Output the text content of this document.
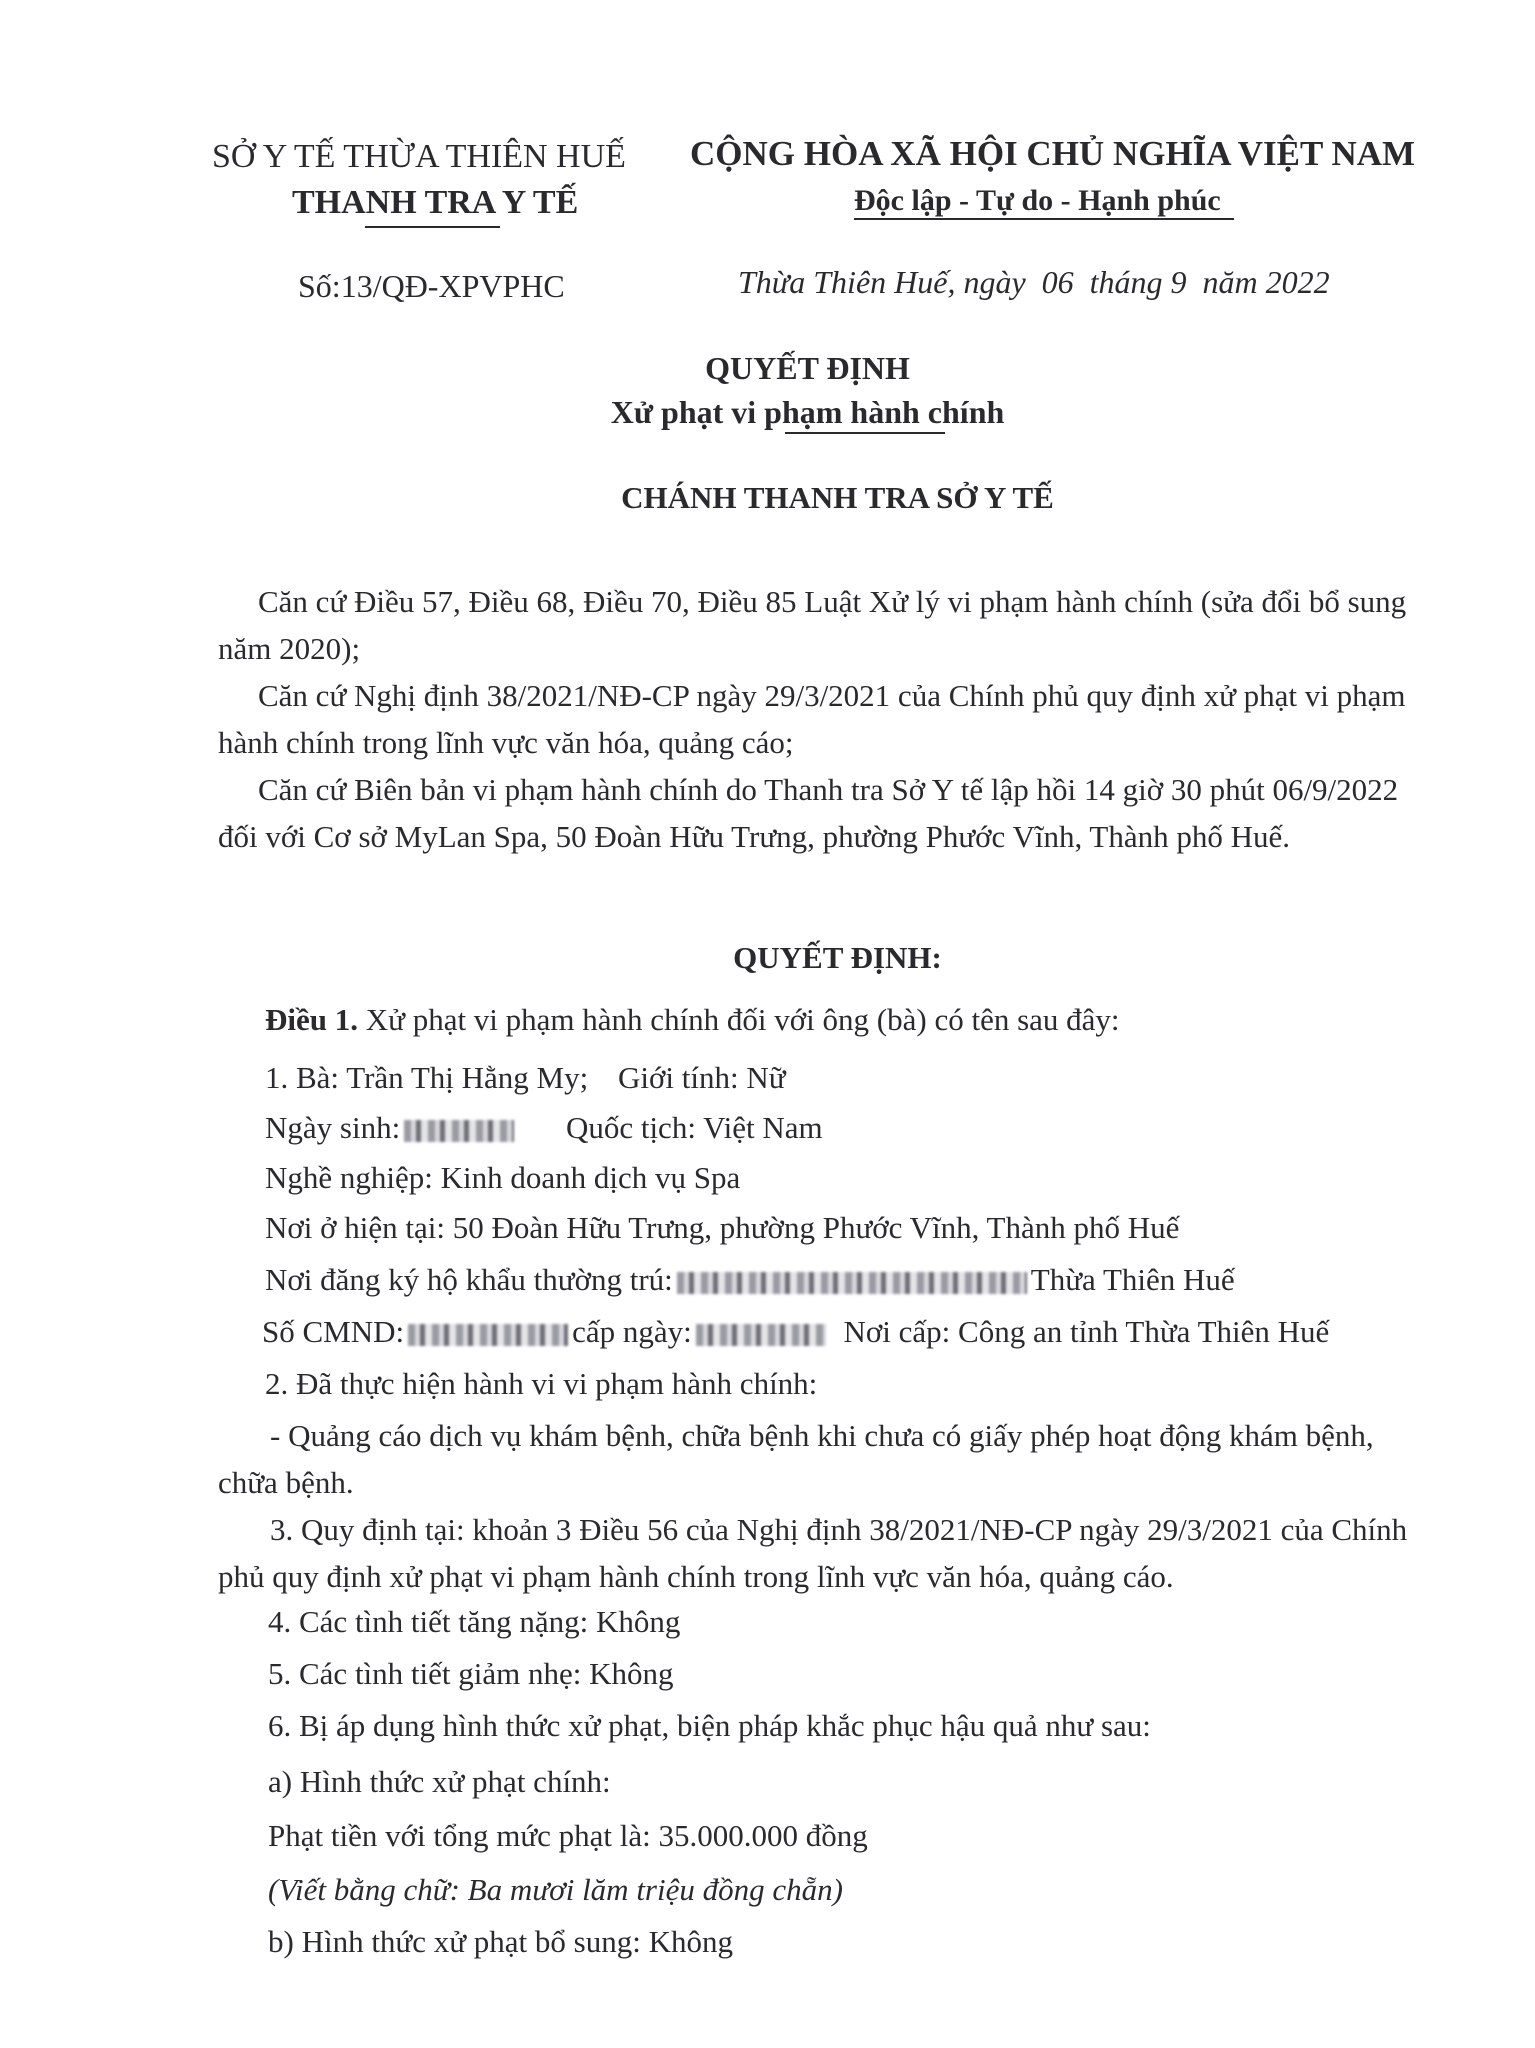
SỞ Y TẾ THỪA THIÊN HUẾ
THANH TRA Y TẾ
Số:13/QĐ-XPVPHC
CỘNG HÒA XÃ HỘI CHỦ NGHĨA VIỆT NAM
Độc lập - Tự do - Hạnh phúc
Thừa Thiên Huế, ngày  06  tháng 9  năm 2022
QUYẾT ĐỊNH
Xử phạt vi phạm hành chính
CHÁNH THANH TRA SỞ Y TẾ
Căn cứ Điều 57, Điều 68, Điều 70, Điều 85 Luật Xử lý vi phạm hành chính (sửa đổi bổ sung năm 2020);
Căn cứ Nghị định 38/2021/NĐ-CP ngày 29/3/2021 của Chính phủ quy định xử phạt vi phạm hành chính trong lĩnh vực văn hóa, quảng cáo;
Căn cứ Biên bản vi phạm hành chính do Thanh tra Sở Y tế lập hồi 14 giờ 30 phút 06/9/2022 đối với Cơ sở MyLan Spa, 50 Đoàn Hữu Trưng, phường Phước Vĩnh, Thành phố Huế.
QUYẾT ĐỊNH:
Điều 1. Xử phạt vi phạm hành chính đối với ông (bà) có tên sau đây:
1. Bà: Trần Thị Hằng My; Giới tính: Nữ
Ngày sinh:	Quốc tịch: Việt Nam
Nghề nghiệp: Kinh doanh dịch vụ Spa
Nơi ở hiện tại: 50 Đoàn Hữu Trưng, phường Phước Vĩnh, Thành phố Huế
Nơi đăng ký hộ khẩu thường trú:	Thừa Thiên Huế
Số CMND:	cấp ngày:	Nơi cấp: Công an tỉnh Thừa Thiên Huế
2. Đã thực hiện hành vi vi phạm hành chính:
- Quảng cáo dịch vụ khám bệnh, chữa bệnh khi chưa có giấy phép hoạt động khám bệnh, chữa bệnh.
3. Quy định tại: khoản 3 Điều 56 của Nghị định 38/2021/NĐ-CP ngày 29/3/2021 của Chính phủ quy định xử phạt vi phạm hành chính trong lĩnh vực văn hóa, quảng cáo.
4. Các tình tiết tăng nặng: Không
5. Các tình tiết giảm nhẹ: Không
6. Bị áp dụng hình thức xử phạt, biện pháp khắc phục hậu quả như sau:
a) Hình thức xử phạt chính:
Phạt tiền với tổng mức phạt là: 35.000.000 đồng
(Viết bằng chữ: Ba mươi lăm triệu đồng chẵn)
b) Hình thức xử phạt bổ sung: Không
